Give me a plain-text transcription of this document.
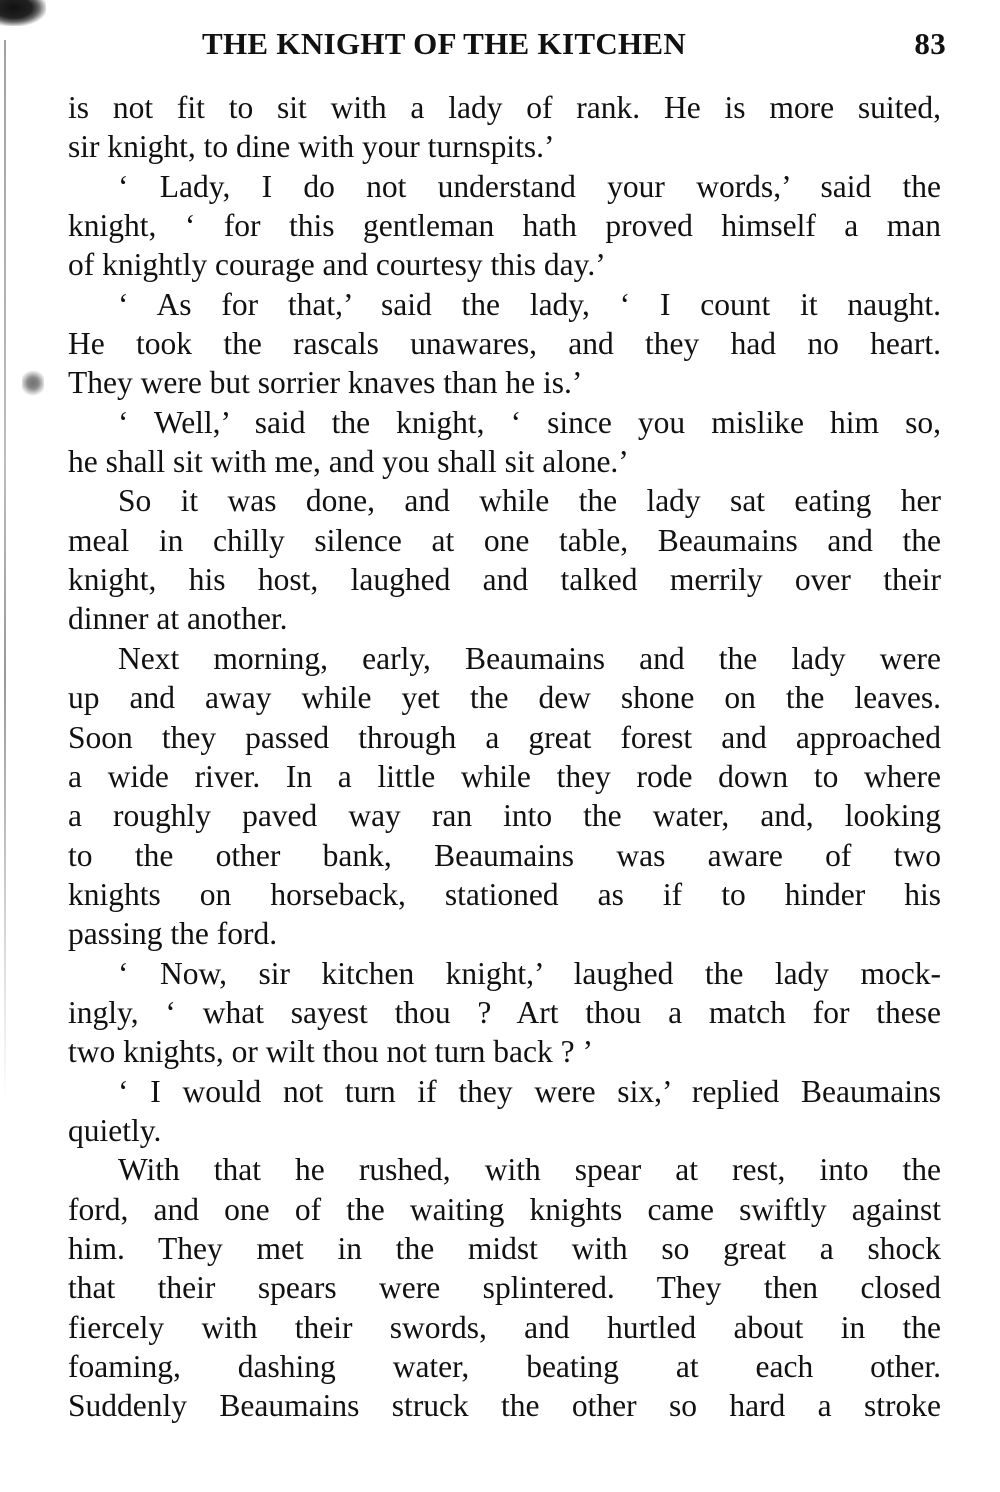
THE KNIGHT OF THE KITCHEN	83
is not fit to sit with a lady of rank. He is more suited,
sir knight, to dine with your turnspits.’
‘ Lady, I do not understand your words,’ said the
knight, ‘ for this gentleman hath proved himself a man
of knightly courage and courtesy this day.’
‘ As for that,’ said the lady, ‘ I count it naught.
He took the rascals unawares, and they had no heart.
They were but sorrier knaves than he is.’
‘ Well,’ said the knight, ‘ since you mislike him so,
he shall sit with me, and you shall sit alone.’
So it was done, and while the lady sat eating her
meal in chilly silence at one table, Beaumains and the
knight, his host, laughed and talked merrily over their
dinner at another.
Next morning, early, Beaumains and the lady were
up and away while yet the dew shone on the leaves.
Soon they passed through a great forest and approached
a wide river. In a little while they rode down to where
a roughly paved way ran into the water, and, looking
to the other bank, Beaumains was aware of two
knights on horseback, stationed as if to hinder his
passing the ford.
‘ Now, sir kitchen knight,’ laughed the lady mock-
ingly, ‘ what sayest thou ? Art thou a match for these
two knights, or wilt thou not turn back ? ’
‘ I would not turn if they were six,’ replied Beaumains
quietly.
With that he rushed, with spear at rest, into the
ford, and one of the waiting knights came swiftly against
him. They met in the midst with so great a shock
that their spears were splintered. They then closed
fiercely with their swords, and hurtled about in the
foaming, dashing water, beating at each other.
Suddenly Beaumains struck the other so hard a stroke
